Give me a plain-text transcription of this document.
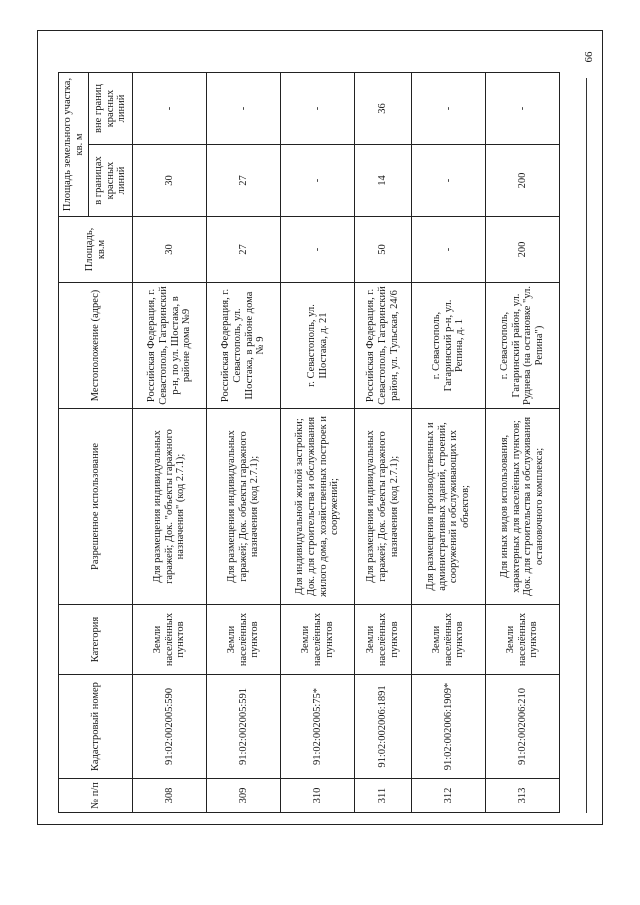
66
№ п/п	Кадастровый номер	Категория	Разрешенное использование	Местоположение (адрес)	Площадь, кв.м	Площадь земельного участка, кв. м	
						в границах красных линий	вне границ красных линий
308	91:02:002005:590	Земли населённых пунктов	Для размещения индивидуальных гаражей; Док. "объекты гаражного назначения" (код 2.7.1);	Российская Федерация, г. Севастополь, Гагаринский р-н, по ул. Шостака, в районе дома №9	30	30	-
309	91:02:002005:591	Земли населённых пунктов	Для размещения индивидуальных гаражей; Док. объекты гаражного назначения (код 2.7.1);	Российская Федерация, г. Севастополь, ул. Шостака, в районе дома № 9	27	27	-
310	91:02:002005:75*	Земли населённых пунктов	Для индивидуальной жилой застройки; Док. для строительства и обслуживания жилого дома, хозяйственных построек и сооружений;	г. Севастополь, ул. Шостака, д. 21	-	-	-
311	91:02:002006:1891	Земли населённых пунктов	Для размещения индивидуальных гаражей; Док. объекты гаражного назначения (код 2.7.1);	Российская Федерация, г. Севастополь, Гагаринский район, ул. Тульская, 24/6	50	14	36
312	91:02:002006:1909*	Земли населённых пунктов	Для размещения производственных и административных зданий, строений, сооружений и обслуживающих их объектов;	г. Севастополь, Гагаринский р-н, ул. Репина, д. 1	-	-	-
313	91:02:002006:210	Земли населённых пунктов	Для иных видов использования, характерных для населённых пунктов; Док. для строительства и обслуживания остановочного комплекса;	г. Севастополь, Гагаринский район, ул. Руднева (на остановке "ул. Репина")	200	200	-
